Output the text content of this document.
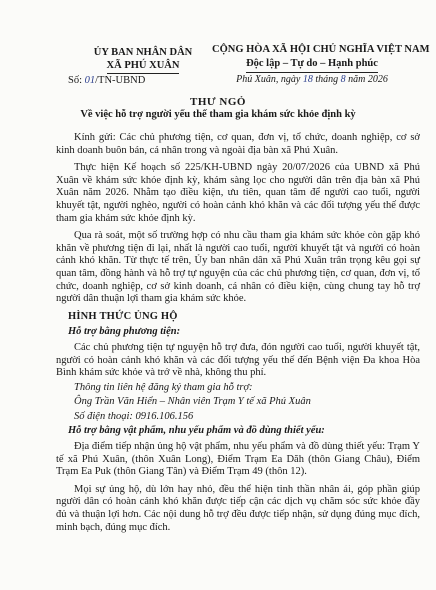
ỦY BAN NHÂN DÂN
XÃ PHÚ XUÂN
Số: 01/TN-UBND
CỘNG HÒA XÃ HỘI CHỦ NGHĨA VIỆT NAM
Độc lập – Tự do – Hạnh phúc
Phú Xuân, ngày 18 tháng 8 năm 2026
THƯ NGỎ
Về việc hỗ trợ người yếu thế tham gia khám sức khỏe định kỳ

Kính gửi: Các chủ phương tiện, cơ quan, đơn vị, tổ chức, doanh nghiệp, cơ sở kinh doanh buôn bán, cá nhân trong và ngoài địa bàn xã Phú Xuân.

Thực hiện Kế hoạch số 225/KH-UBND ngày 20/07/2026 của UBND xã Phú Xuân về khám sức khỏe định kỳ, khám sàng lọc cho người dân trên địa bàn xã Phú Xuân năm 2026. Nhằm tạo điều kiện, ưu tiên, quan tâm để người cao tuổi, người khuyết tật, người nghèo, người có hoàn cảnh khó khăn và các đối tượng yếu thế được tham gia khám sức khỏe định kỳ.

Qua rà soát, một số trường hợp có nhu cầu tham gia khám sức khỏe còn gặp khó khăn về phương tiện đi lại, nhất là người cao tuổi, người khuyết tật và người có hoàn cảnh khó khăn. Từ thực tế trên, Ủy ban nhân dân xã Phú Xuân trân trọng kêu gọi sự quan tâm, đồng hành và hỗ trợ tự nguyện của các chủ phương tiện, cơ quan, đơn vị, tổ chức, doanh nghiệp, cơ sở kinh doanh, cá nhân có điều kiện, cùng chung tay hỗ trợ người dân thuận lợi tham gia khám sức khỏe.

HÌNH THỨC ỦNG HỘ

Hỗ trợ bằng phương tiện:

Các chủ phương tiện tự nguyện hỗ trợ đưa, đón người cao tuổi, người khuyết tật, người có hoàn cảnh khó khăn và các đối tượng yếu thế đến Bệnh viện Đa khoa Hòa Bình khám sức khỏe và trở về nhà, không thu phí.

Thông tin liên hệ đăng ký tham gia hỗ trợ:

Ông Trần Văn Hiển – Nhân viên Trạm Y tế xã Phú Xuân

Số điện thoại: 0916.106.156

Hỗ trợ bằng vật phẩm, nhu yếu phẩm và đồ dùng thiết yếu:

Địa điểm tiếp nhận ủng hộ vật phẩm, nhu yếu phẩm và đồ dùng thiết yếu: Trạm Y tế xã Phú Xuân, (thôn Xuân Long), Điểm Trạm Ea Dăh (thôn Giang Châu), Điểm Trạm Ea Puk (thôn Giang Tân) và Điểm Trạm 49 (thôn 12).

Mọi sự ủng hộ, dù lớn hay nhỏ, đều thể hiện tinh thần nhân ái, góp phần giúp người dân có hoàn cảnh khó khăn được tiếp cận các dịch vụ chăm sóc sức khỏe đầy đủ và thuận lợi hơn. Các nội dung hỗ trợ đều được tiếp nhận, sử dụng đúng mục đích, minh bạch, đúng mục đích.
